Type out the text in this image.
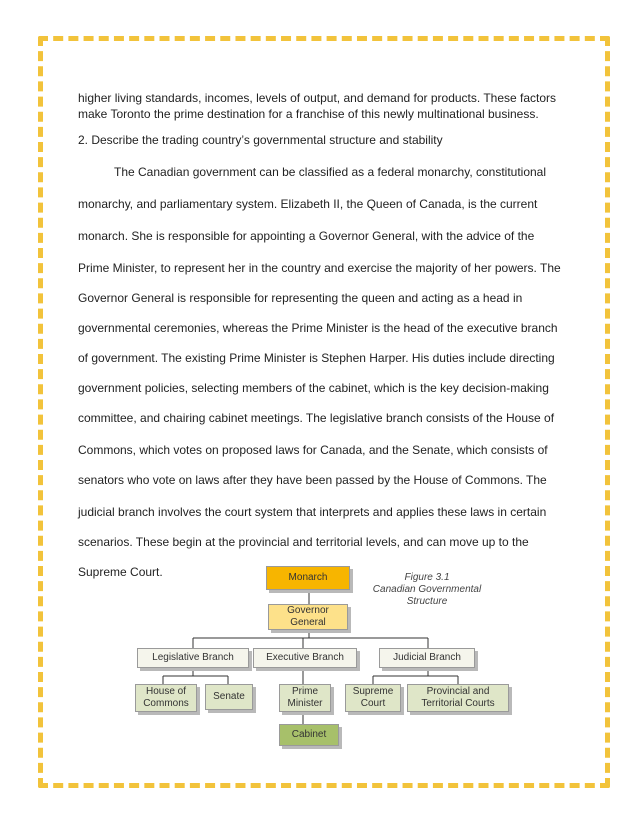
higher living standards, incomes, levels of output, and demand for products. These factors
make Toronto the prime destination for a franchise of this newly multinational business.
2. Describe the trading country’s governmental structure and stability
The Canadian government can be classified as a federal monarchy, constitutional
monarchy, and parliamentary system. Elizabeth II, the Queen of Canada, is the current
monarch. She is responsible for appointing a Governor General, with the advice of the
Prime Minister, to represent her in the country and exercise the majority of her powers. The
Governor General is responsible for representing the queen and acting as a head in
governmental ceremonies, whereas the Prime Minister is the head of the executive branch
of government. The existing Prime Minister is Stephen Harper. His duties include directing
government policies, selecting members of the cabinet, which is the key decision-making
committee, and chairing cabinet meetings. The legislative branch consists of the House of
Commons, which votes on proposed laws for Canada, and the Senate, which consists of
senators who vote on laws after they have been passed by the House of Commons. The
judicial branch involves the court system that interprets and applies these laws in certain
scenarios. These begin at the provincial and territorial levels, and can move up to the
Supreme Court.	Monarch
Governor
General
Legislative Branch	Executive Branch	Judicial Branch
House of
Commons
Senate	Prime
Minister
Cabinet
Supreme
Court
Provincial and
Territorial Courts
Figure 3.1
Canadian Governmental
Structure
